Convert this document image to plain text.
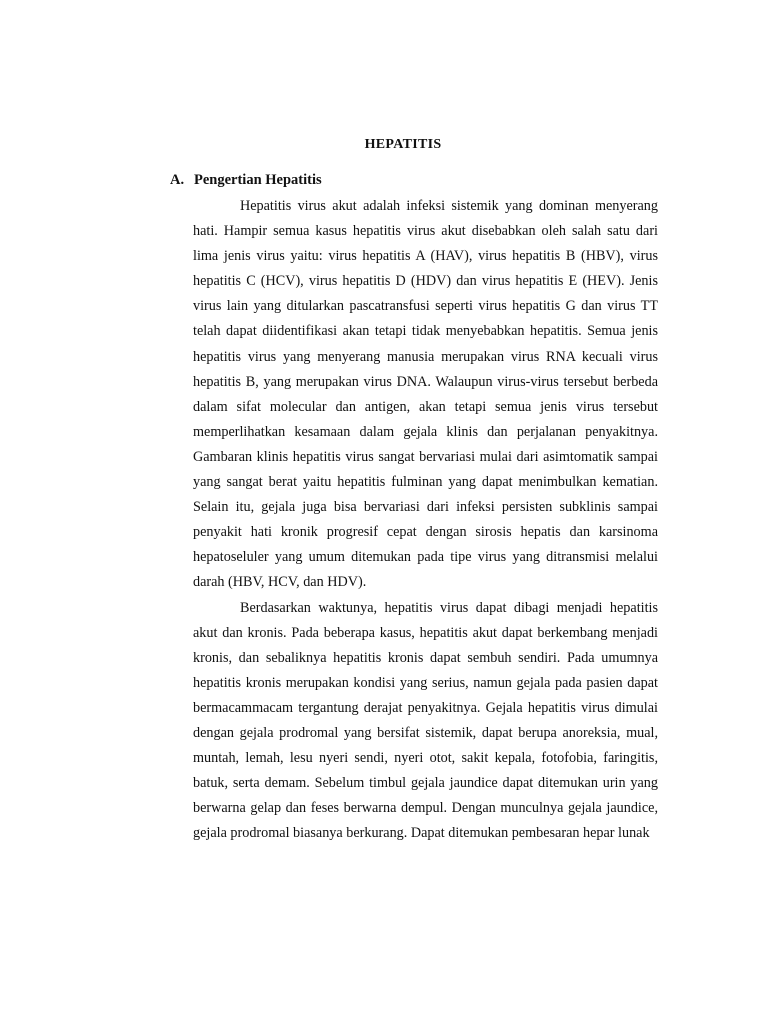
HEPATITIS
A. Pengertian Hepatitis

Hepatitis virus akut adalah infeksi sistemik yang dominan menyerang hati. Hampir semua kasus hepatitis virus akut disebabkan oleh salah satu dari lima jenis virus yaitu: virus hepatitis A (HAV), virus hepatitis B (HBV), virus hepatitis C (HCV), virus hepatitis D (HDV) dan virus hepatitis E (HEV). Jenis virus lain yang ditularkan pascatransfusi seperti virus hepatitis G dan virus TT telah dapat diidentifikasi akan tetapi tidak menyebabkan hepatitis. Semua jenis hepatitis virus yang menyerang manusia merupakan virus RNA kecuali virus hepatitis B, yang merupakan virus DNA. Walaupun virus-virus tersebut berbeda dalam sifat molecular dan antigen, akan tetapi semua jenis virus tersebut memperlihatkan kesamaan dalam gejala klinis dan perjalanan penyakitnya. Gambaran klinis hepatitis virus sangat bervariasi mulai dari asimtomatik sampai yang sangat berat yaitu hepatitis fulminan yang dapat menimbulkan kematian. Selain itu, gejala juga bisa bervariasi dari infeksi persisten subklinis sampai penyakit hati kronik progresif cepat dengan sirosis hepatis dan karsinoma hepatoseluler yang umum ditemukan pada tipe virus yang ditransmisi melalui darah (HBV, HCV, dan HDV).

Berdasarkan waktunya, hepatitis virus dapat dibagi menjadi hepatitis akut dan kronis. Pada beberapa kasus, hepatitis akut dapat berkembang menjadi kronis, dan sebaliknya hepatitis kronis dapat sembuh sendiri. Pada umumnya hepatitis kronis merupakan kondisi yang serius, namun gejala pada pasien dapat bermacammacam tergantung derajat penyakitnya. Gejala hepatitis virus dimulai dengan gejala prodromal yang bersifat sistemik, dapat berupa anoreksia, mual, muntah, lemah, lesu nyeri sendi, nyeri otot, sakit kepala, fotofobia, faringitis, batuk, serta demam. Sebelum timbul gejala jaundice dapat ditemukan urin yang berwarna gelap dan feses berwarna dempul. Dengan munculnya gejala jaundice, gejala prodromal biasanya berkurang. Dapat ditemukan pembesaran hepar lunak
